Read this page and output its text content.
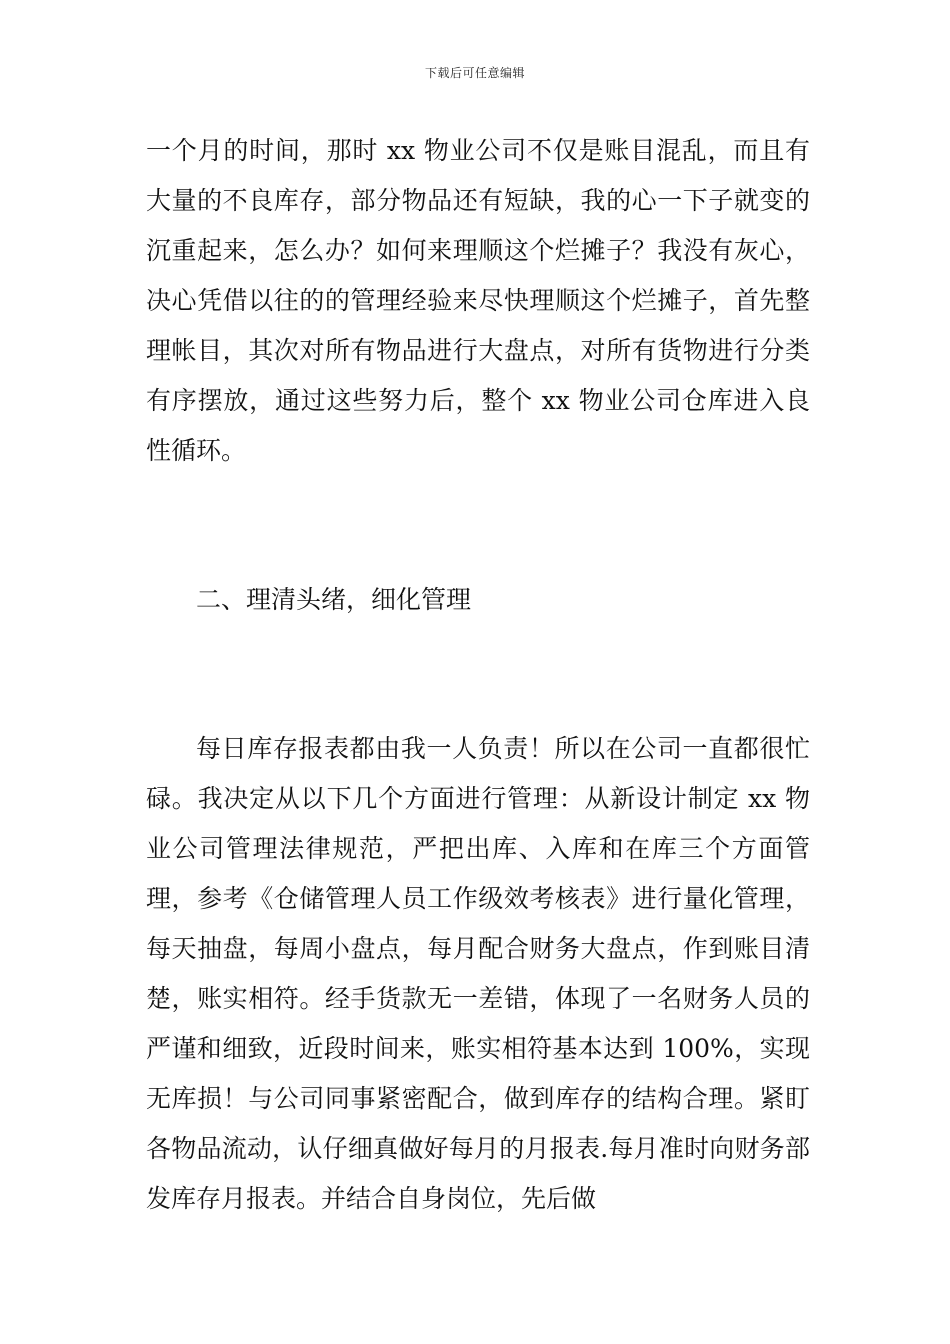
下载后可任意编辑

一个月的时间，那时 xx 物业公司不仅是账目混乱，而且有大量的不良库存，部分物品还有短缺，我的心一下子就变的沉重起来，怎么办？如何来理顺这个烂摊子？我没有灰心，决心凭借以往的的管理经验来尽快理顺这个烂摊子，首先整理帐目，其次对所有物品进行大盘点，对所有货物进行分类有序摆放，通过这些努力后，整个 xx 物业公司仓库进入良性循环。

二、理清头绪，细化管理

每日库存报表都由我一人负责！所以在公司一直都很忙碌。我决定从以下几个方面进行管理：从新设计制定 xx 物业公司管理法律规范，严把出库、入库和在库三个方面管理，参考《仓储管理人员工作级效考核表》进行量化管理，每天抽盘，每周小盘点，每月配合财务大盘点，作到账目清楚，账实相符。经手货款无一差错，体现了一名财务人员的严谨和细致，近段时间来，账实相符基本达到 100%，实现无库损！与公司同事紧密配合，做到库存的结构合理。紧盯各物品流动，认仔细真做好每月的月报表.每月准时向财务部发库存月报表。并结合自身岗位，先后做
